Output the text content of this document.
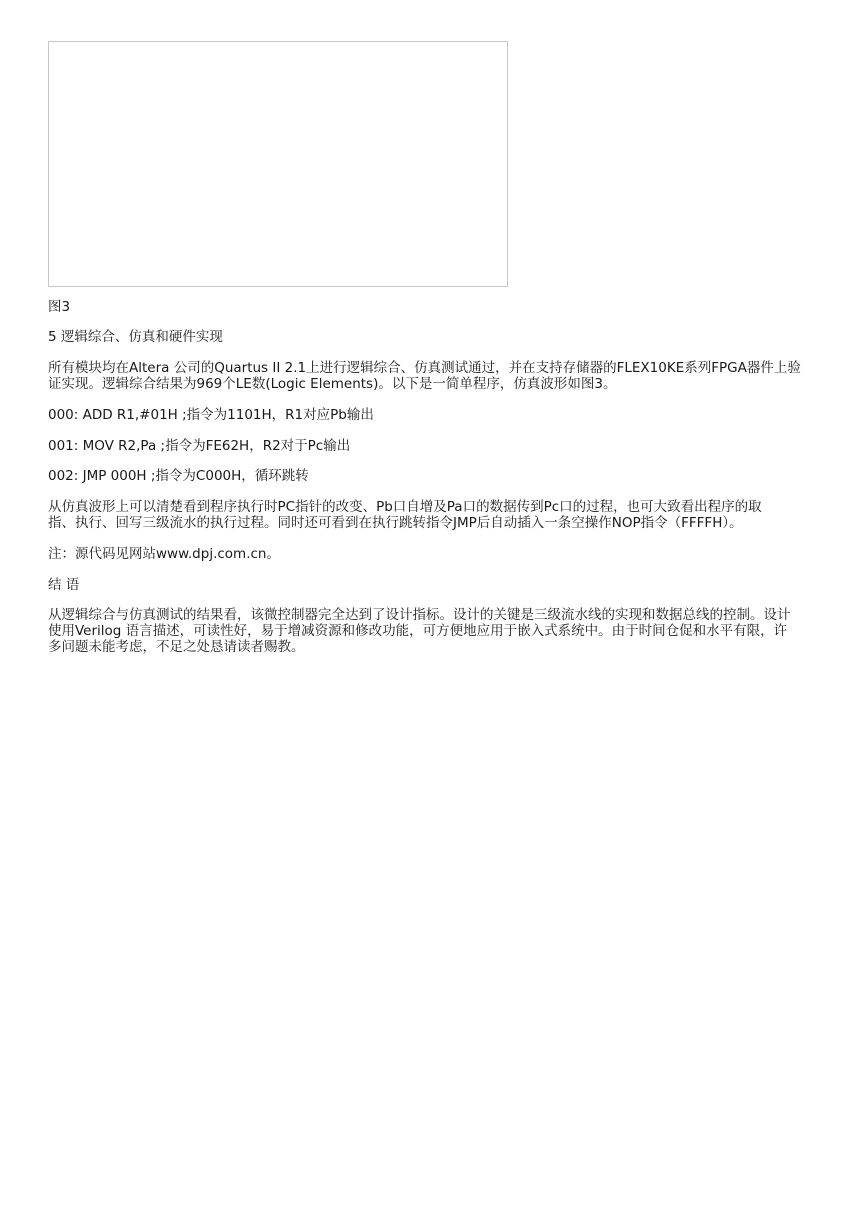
图3
5 逻辑综合、仿真和硬件实现
所有模块均在Altera 公司的Quartus II 2.1上进行逻辑综合、仿真测试通过，并在支持存储器的FLEX10KE系列FPGA器件上验
证实现。逻辑综合结果为969个LE数(Logic Elements)。以下是一简单程序，仿真波形如图3。
000: ADD R1,#01H ;指令为1101H，R1对应Pb输出
001: MOV R2,Pa ;指令为FE62H，R2对于Pc输出
002: JMP 000H ;指令为C000H，循环跳转
从仿真波形上可以清楚看到程序执行时PC指针的改变、Pb口自增及Pa口的数据传到Pc口的过程，也可大致看出程序的取
指、执行、回写三级流水的执行过程。同时还可看到在执行跳转指令JMP后自动插入一条空操作NOP指令（FFFFH）。
注：源代码见网站www.dpj.com.cn。
结 语
从逻辑综合与仿真测试的结果看，该微控制器完全达到了设计指标。设计的关键是三级流水线的实现和数据总线的控制。设计
使用Verilog 语言描述，可读性好，易于增减资源和修改功能，可方便地应用于嵌入式系统中。由于时间仓促和水平有限，许
多问题未能考虑，不足之处恳请读者赐教。
